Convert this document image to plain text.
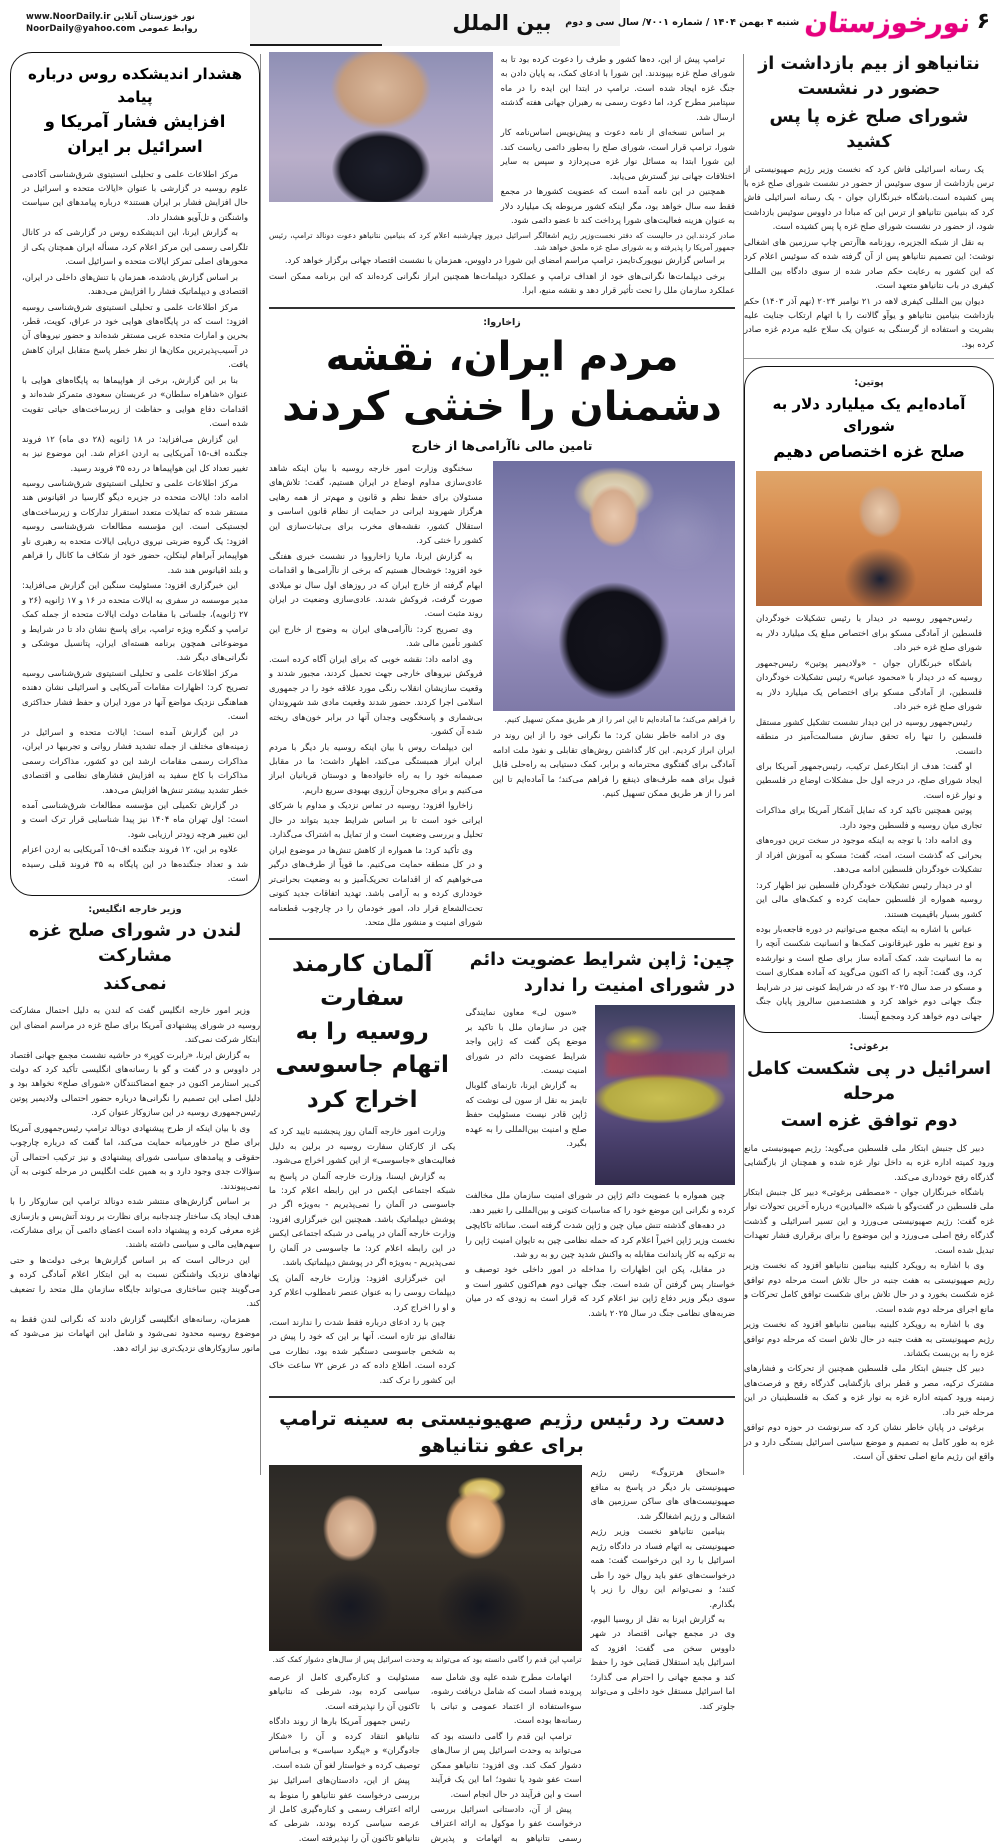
نور خوزستان آنلاین www.NoorDaily.ir
روابط عمومی NoorDaily@yahoo.com	بین الملل	۶
نورخوزستان
شنبه ۴ بهمن ۱۴۰۴ / شماره ۷۰۰۱/ سال سی و دوم
نتانیاهو از بیم بازداشت از حضور در نشست
شورای صلح غزه پا پس کشید

یک رسانه اسرائیلی فاش کرد که نخست وزیر رژیم صهیونیستی از ترس بازداشت از سوی سوئیس از حضور در نشست شورای صلح غزه با پس کشیده است.باشگاه خبرنگاران جوان - یک رسانه اسرائیلی فاش کرد که بنیامین نتانیاهو از ترس این که مبادا در داووس سوئیس بازداشت شود، از حضور در نشست شورای صلح غزه پا پس کشیده است.

به نقل از شبکه الجزیره، روزنامه هاآرتص چاپ سرزمین های اشغالی نوشت: این تصمیم نتانیاهو پس از آن گرفته شده که سوئیس اعلام کرد که این کشور به رعایت حکم صادر شده از سوی دادگاه بین المللی کیفری در باب نتانیاهو متعهد است.

دیوان بین المللی کیفری لاهه در ۲۱ نوامبر ۲۰۲۴ (نهم آذر ۱۴۰۳) حکم بازداشت بنیامین نتانیاهو و یوآو گالانت را با اتهام ارتکاب جنایت علیه بشریت و استفاده از گرسنگی به عنوان یک سلاح علیه مردم غزه صادر کرده بود.

پوتین:
آماده‌ایم یک میلیارد دلار به شورای
صلح غزه اختصاص دهیم

رئیس‌جمهور روسیه در دیدار با رئیس تشکیلات خودگردان فلسطین از آمادگی مسکو برای اختصاص مبلغ یک میلیارد دلار به شورای صلح غزه خبر داد.

باشگاه خبرنگاران جوان - «ولادیمیر پوتین» رئیس‌جمهور روسیه که در دیدار با «محمود عباس» رئیس تشکیلات خودگردان فلسطین، از آمادگی مسکو برای اختصاص یک میلیارد دلار به شورای صلح غزه خبر داد.

رئیس‌جمهور روسیه در این دیدار نشست تشکیل کشور مستقل فلسطین را تنها راه تحقق سازش مسالمت‌آمیز در منطقه دانست.

او گفت: هدف از ابتکارعمل ترکیب، رئیس‌جمهور آمریکا برای ایجاد شورای صلح، در درجه اول حل مشکلات اوضاع در فلسطین و نوار غزه است.

پوتین همچنین تاکید کرد که تمایل آشکار آمریکا برای مذاکرات تجاری میان روسیه و فلسطین وجود دارد.

وی ادامه داد: با توجه به اینکه موجود در سخت ترین دوره‌های بحرانی که گذشت است، امت، گفت: مسکو به آموزش افراد از تشکیلات خودگردان فلسطین ادامه می‌دهد.

او در دیدار رئیس تشکیلات خودگردان فلسطین نیز اظهار کرد: روسیه همواره از فلسطین حمایت کرده و کمک‌های مالی این کشور بسیار باقیمیت هستند.

عباس با اشاره به اینکه مجمع می‌توانیم در دوره فاجعه‌بار بوده و نوع تغییر به طور غیرقانونی کمک‌ها و انسانیت شکست آنچه را به ما انسانیت شد، کمک آماده ساز برای صلح است و نوارشده کرد، وی گفت: آنچه را که اکنون می‌گوید که آماده همکاری است و مسکو در صد سال ۲۰۲۵ بود که در شرایط کنونی نیز در شرایط جنگ جهانی دوم خواهد کرد و هشتصدمین سالروز پایان جنگ جهانی دوم خواهد کرد ومجمع آیسنا.

برغوثی:
اسرائیل در پی شکست کامل مرحله
دوم توافق غزه است

دبیر کل جنبش ابتکار ملی فلسطین می‌گوید: رژیم صهیونیستی مانع ورود کمیته اداره غزه به داخل نوار غزه شده و همچنان از بازگشایی گذرگاه رفح خودداری می‌کند.

باشگاه خبرنگاران جوان - «مصطفی برغوثی» دبیر کل جنبش ابتکار ملی فلسطین در گفت‌وگو با شبکه «المیادین» درباره آخرین تحولات نوار غزه گفت: رژیم صهیونیستی می‌ورزد و این تسیر اسرائیلی و گذشت گذرگاه رفح اصلی می‌ورزد و این موضوع را برای برقراری فشار تعهدات تبدیل شده است.

وی با اشاره به رویکرد کلینیه بینامین نتانیاهو افزود که نخست وزیر رژیم صهیونیستی به هفت جنبه در حال تلاش است مرحله دوم توافق غزه شکست بخورد و در حال تلاش برای شکست توافق کامل تحرکات و مانع اجرای مرحله دوم شده است.

وی با اشاره به رویکرد کلینیه بینامین نتانیاهو افزود که نخست وزیر رژیم صهیونیستی به هفت جنبه در حال تلاش است که مرحله دوم توافق غزه را به بن‌بست بکشاند.

دبیر کل جنبش ابتکار ملی فلسطین همچنین از تحرکات و فشارهای مشترک ترکیه، مصر و قطر برای بازگشایی گذرگاه رفح و فرصت‌های زمینه ورود کمیته اداره غزه به نوار غزه و کمک به فلسطینیان در این مرحله خبر داد.

برغوثی در پایان خاطر نشان کرد که سرنوشت در حوزه دوم توافق غزه به طور کامل به تصمیم و موضع سیاسی اسرائیل بستگی دارد و در واقع این رژیم مانع اصلی تحقق آن است.

ترامپ پیش از این، ده‌ها کشور و طرف را دعوت کرده بود تا به شورای صلح غزه بپیوندند. این شورا با ادعای کمک، به پایان دادن به جنگ غزه ایجاد شده است. ترامپ در ابتدا این ایده را در ماه سپتامبر مطرح کرد، اما دعوت رسمی به رهبران جهانی هفته گذشته ارسال شد.

بر اساس نسخه‌ای از نامه دعوت و پیش‌نویس اساس‌نامه کار شورا، ترامپ قرار است، شورای صلح را به‌طور دائمی ریاست کند. این شورا ابتدا به مسائل نوار غزه می‌پردازد و سپس به سایر اختلافات جهانی نیز گسترش می‌یابد.

همچنین در این نامه آمده است که عضویت کشورها در مجمع فقط سه سال خواهد بود، مگر اینکه کشور مربوطه یک میلیارد دلار به عنوان هزینه فعالیت‌های شورا پرداخت کند تا عضو دائمی شود.

صادر کردند.این در حالیست که دفتر نخست‌وزیر رژیم اشغالگر اسرائیل دیروز چهارشنبه اعلام کرد که بنیامین نتانیاهو دعوت دونالد ترامپ، رئیس جمهور آمریکا را پذیرفته و به شورای صلح غزه ملحق خواهد شد.

بر اساس گزارش نیویورک‌تایمز، ترامپ مراسم امضای این شورا در داووس، همزمان با نشست اقتصاد جهانی برگزار خواهد کرد.

برخی دیپلمات‌ها نگرانی‌های خود از اهداف ترامپ و عملکرد دیپلمات‌ها همچنین ابراز نگرانی کرده‌اند که این برنامه ممکن است عملکرد سازمان ملل را تحت تأثیر قرار دهد و نقشه منبع، ابرا.

زاخاروا:
مردم ایران، نقشه دشمنان را خنثی کردند
تامین مالی ناآرامی‌ها از خارج
را فراهم می‌کند؛ ما آماده‌ایم تا این امر را از هر طریق ممکن تسهیل کنیم.

وی در ادامه خاطر نشان کرد: ما نگرانی خود را از این روند در ایران ابراز کردیم. این کار گذاشتن روش‌های تقابلی و نفوذ ملت ادامه آمادگی برای گفتگوی محترمانه و برابر، کمک دستیابی به راه‌حلی قابل قبول برای همه طرف‌های ذینفع را فراهم می‌کند؛ ما آماده‌ایم تا این امر را از هر طریق ممکن تسهیل کنیم.

سخنگوی وزارت امور خارجه روسیه با بیان اینکه شاهد عادی‌سازی مداوم اوضاع در ایران هستیم، گفت: تلاش‌های مسئولان برای حفظ نظم و قانون و مهم‌تر از همه رهایی هرگزاز شهروند ایرانی در حمایت از نظام قانون اساسی و استقلال کشور، نقشه‌های مخرب برای بی‌ثبات‌سازی این کشور را خنثی کرد.

به گزارش ایرنا، ماریا زاخارووا در نشست خبری هفتگی خود افزود: خوشحال هستیم که برخی از ناآرامی‌ها و اقدامات ابهام گرفته از خارج ایران که در روزهای اول سال نو میلادی صورت گرفت، فروکش شدند. عادی‌سازی وضعیت در ایران روند مثبت است.

وی تصریح کرد: ناآرامی‌های ایران به وضوح از خارج این کشور تأمین مالی شد.

وی ادامه داد: نقشه خوبی که برای ایران آگاه کرده است. فروکش نیروهای خارجی جهت تحمیل کردند، مجبور شدند و وقعیت سازیشان انقلاب رنگی مورد علاقه خود را در جمهوری اسلامی اجرا کردند. حضور شدند وقعیت مادی شد شهروندان بی‌شماری و پاسخگویی وجدان آنها در برابر خون‌های ریخته شده آن کشور.

این دیپلمات روس با بیان اینکه روسیه بار دیگر با مردم ایران ابراز همبستگی می‌کند، اظهار داشت: ما در مقابل صمیمانه خود را به راه خانواده‌ها و دوستان قربانیان ابراز می‌کنیم و برای مجروحان آرزوی بهبودی سریع داریم.

زاخاروا افزود: روسیه در تماس نزدیک و مداوم با شرکای ایرانی خود است تا بر اساس شرایط جدید بتواند در حال تحلیل و بررسی وضعیت است و از تمایل به اشتراک می‌گذارد.

وی تأکید کرد: ما همواره از کاهش تنش‌ها در موضوع ایران و در کل منطقه حمایت می‌کنیم. ما قویاً از طرف‌های درگیر می‌خواهیم که از اقدامات تحریک‌آمیز و به وضعیت بحرانی‌تر خودداری کرده و به آرامی باشد. تهدید اتفاقات جدید کنونی تحت‌الشعاع قرار داد، امور خودمان را در چارچوب قطعنامه شورای امنیت و منشور ملل متحد.

آلمان کارمند سفارت
روسیه را به اتهام جاسوسی
اخراج کرد

وزارت امور خارجه آلمان روز پنجشنبه تایید کرد که یکی از کارکنان سفارت روسیه در برلین به دلیل فعالیت‌های «جاسوسی» از این کشور اخراج می‌شود.

به گزارش ایسنا، وزارت خارجه آلمان در پاسخ به شبکه اجتماعی ایکس در این رابطه اعلام کرد: ما جاسوسی در آلمان را نمی‌پذیریم - به‌ویژه اگر در پوشش دیپلماتیک باشد. همچنین این خبرگزاری افزود: وزارت خارجه آلمان در پیامی در شبکه اجتماعی ایکس در این رابطه اعلام کرد: ما جاسوسی در آلمان را نمی‌پذیریم - به‌ویژه اگر در پوشش دیپلماتیک باشد.

این خبرگزاری افزود: وزارت خارجه آلمان یک دیپلمات روسی را به عنوان عنصر نامطلوب اعلام کرد و او را اخراج کرد.

چین با رد ادعای درباره فقط شدت را ندارند است، نقاله‌ای نیز تازه است. آنها بر این که خود را پیش در به شخص جاسوسی دستگیر شده بود، نظارت می کرده است. اطلاع داده که در عرض ۷۲ ساعت خاک این کشور را ترک کند.

چین: ژاپن شرایط عضویت دائم در شورای امنیت را ندارد

«سون لی» معاون نمایندگی چین در سازمان ملل با تاکید بر موضع پکن گفت که ژاپن واجد شرایط عضویت دائم در شورای امنیت نیست.

به گزارش ایرنا، تارنمای گلوبال تایمز به نقل از سون لی نوشت که ژاپن قادر نیست مسئولیت حفظ صلح و امنیت بین‌المللی را به عهده بگیرد.

چین همواره با عضویت دائم ژاپن در شورای امنیت سازمان ملل مخالفت کرده و نگرانی این موضع خود را که مناسبات کنونی و بین‌المللی را تغییر دهد.

در دهه‌های گذشته تنش میان چین و ژاپن شدت گرفته است. سانائه تاکایچی نخست وزیر ژاپن اخیراً اعلام کرد که حمله نظامی چین به تایوان امنیت ژاپن را به تزکیه به کار پاندانت مقابله به واکنش شدید چین رو به رو شد.

در مقابل، پکن این اظهارات را مداخله در امور داخلی خود توصیف و خواستار پس گرفتن آن شده است. جنگ جهانی دوم هم‌اکنون کشور است و سوی دیگر وزیر دفاع ژاپن نیز اعلام کرد که قرار است به زودی که در میان ضربه‌های نظامی جنگ در سال ۲۰۲۵ باشد.

دست رد رئیس رژیم صهیونیستی به سینه ترامپ برای عفو نتانیاهو

«اسحاق هرتزوگ» رئیس رژیم صهیونیستی بار دیگر در پاسخ به منافع صهیونیست‌های های ساکن سرزمین های اشغالی و رژیم اشغالگر شد.

بنیامین نتانیاهو نخست وزیر رژیم صهیونیستی به اتهام فساد در دادگاه رژیم اسرائیل با رد این درخواست گفت: همه درخواست‌های عفو باید روال خود را طی کنند؛ و نمی‌توانم این روال را زیر پا بگذارم.

به گزارش ایرنا به نقل از روسیا الیوم، وی در مجمع جهانی اقتصاد در شهر داووس سخن می گفت: افزود که اسرائیل باید استقلال قضایی خود را حفظ کند و مجمع جهانی را احترام می گذارد؛ اما اسرائیل مستقل خود داخلی و می‌تواند جلوتر کند.

ترامپ این قدم را گامی دانسته بود که می‌تواند به وحدت اسرائیل پس از سال‌های دشوار کمک کند.

اتهامات مطرح شده علیه وی شامل سه پرونده فساد است که شامل دریافت رشوه، سوءاستفاده از اعتماد عمومی و تبانی با رسانه‌ها بوده است.

ترامپ این قدم را گامی دانسته بود که می‌تواند به وحدت اسرائیل پس از سال‌های دشوار کمک کند. وی افزود: نتانیاهو ممکن است عفو شود یا نشود؛ اما این یک فرآیند است و این فرآیند در حال انجام است.

پیش از آن، دادستانی اسرائیل بررسی درخواست عفو را موکول به ارائه اعتراف رسمی نتانیاهو به اتهامات و پذیرش مسئولیت و کناره‌گیری کامل از عرصه سیاسی کرده بود، شرطی که نتانیاهو تاکنون آن را نپذیرفته است.

رئیس جمهور آمریکا بارها از روند دادگاه نتانیاهو انتقاد کرده و آن را «شکار جادوگران» و «پیگرد سیاسی» و بی‌اساس توصیف کرده و خواستار لغو آن شده است.

پیش از این، دادستان‌های اسرائیل نیز بررسی درخواست عفو نتانیاهو را منوط به ارائه اعتراف رسمی و کناره‌گیری کامل از عرصه سیاسی کرده بودند، شرطی که نتانیاهو تاکنون آن را نپذیرفته است.

هشدار اندیشکده روس درباره پیامد
افزایش فشار آمریکا و اسرائیل بر ایران

مرکز اطلاعات علمی و تحلیلی انستیتوی شرق‌شناسی آکادمی علوم روسیه در گزارشی با عنوان «ایالات متحده و اسرائیل در حال افزایش فشار بر ایران هستند» درباره پیامدهای این سیاست واشنگتن و تل‌آویو هشدار داد.

به گزارش ایرنا، این اندیشکده روس در گزارشی که در کانال تلگرامی رسمی این مرکز اعلام کرد، مسأله ایران همچنان یکی از محورهای اصلی تمرکز ایالات متحده و اسرائیل است.

بر اساس گزارش یادشده، همزمان با تنش‌های داخلی در ایران، اقتصادی و دیپلماتیک فشار را افزایش می‌دهند.

مرکز اطلاعات علمی و تحلیلی انستیتوی شرق‌شناسی روسیه افزود: است که در پایگاه‌های هوایی خود در عراق، کویت، قطر، بحرین و امارات متحده عربی مستقر شده‌اند و حضور نیروهای آن در آسیب‌پذیرترین مکان‌ها از نظر خطر پاسخ متقابل ایران کاهش یافت.

بنا بر این گزارش، برخی از هواپیماها به پایگاه‌های هوایی با عنوان «شاهراه سلطان» در عربستان سعودی متمرکز شده‌اند و اقدامات دفاع هوایی و حفاظت از زیرساخت‌های حیاتی تقویت شده است.

این گزارش می‌افزاید: در ۱۸ ژانویه (۲۸ دی ماه) ۱۲ فروند جنگنده اف-۱۵ آمریکایی به اردن اعزام شد. این موضوع نیز به تغییر تعداد کل این هواپیماها در رده ۳۵ فروند رسید.

مرکز اطلاعات علمی و تحلیلی انستیتوی شرق‌شناسی روسیه ادامه داد: ایالات متحده در جزیره دیگو گارسیا در اقیانوس هند مستقر شده که تمایلات متعدد استقرار تدارکات و زیرساخت‌های لجستیکی است. این مؤسسه مطالعات شرق‌شناسی روسیه افزود: یک گروه ضربتی نیروی دریایی ایالات متحده به رهبری ناو هواپیمابر آبراهام لینکلن، حضور خود از شکاف ما کانال را فراهم و بلند اقیانوس هند شد.

این خبرگزاری افزود: مسئولیت سنگین این گزارش می‌افزاید: مدیر موسسه در سفری به ایالات متحده در ۱۶ و ۱۷ ژانویه (۲۶ و ۲۷ ژانویه)، جلساتی با مقامات دولت ایالات متحده از جمله کمک ترامپ و کنگره ویژه ترامپ، برای پاسخ نشان داد تا در شرایط و موضوعاتی همچون برنامه هسته‌ای ایران، پتانسیل موشکی و نگرانی‌های دیگر شد.

مرکز اطلاعات علمی و تحلیلی انستیتوی شرق‌شناسی روسیه تصریح کرد: اظهارات مقامات آمریکایی و اسرائیلی نشان دهنده هماهنگی نزدیک مواضع آنها در مورد ایران و حفظ فشار حداکثری است.

در این گزارش آمده است: ایالات متحده و اسرائیل در زمینه‌های مختلف از جمله تشدید فشار روانی و تجربیها در ایران، مذاکرات رسمی مقامات ارشد این دو کشور، مذاکرات رسمی مذاکرات با کاخ سفید به افزایش فشارهای نظامی و اقتصادی خطر تشدید بیشتر تنش‌ها افزایش می‌دهد.

در گزارش تکمیلی این مؤسسه مطالعات شرق‌شناسی آمده است: اول تهران ماه ۱۴۰۴ نیز پیدا شناسایی قرار ترک است و این تغییر هرچه زودتر ارزیابی شود.

علاوه بر این، ۱۲ فروند جنگنده اف-۱۵ آمریکایی به اردن اعزام شد و تعداد جنگنده‌ها در این پایگاه به ۳۵ فروند قبلی رسیده است.

وزیر خارجه انگلیس:
لندن در شورای صلح غزه مشارکت
نمی‌کند

وزیر امور خارجه انگلیس گفت که لندن به دلیل احتمال مشارکت روسیه در شورای پیشنهادی آمریکا برای صلح غزه در مراسم امضای این ابتکار شرکت نمی‌کند.

به گزارش ایرنا، «رابرت کوپر» در حاشیه نشست مجمع جهانی اقتصاد در داووس و در گفت و گو با رسانه‌های انگلیسی تأکید کرد که دولت کی‌یر استارمر اکنون در جمع امضاکنندگان «شورای صلح» نخواهد بود و دلیل اصلی این تصمیم را نگرانی‌ها درباره حضور احتمالی ولادیمیر پوتین رئیس‌جمهوری روسیه در این سازوکار عنوان کرد.

وی با بیان اینکه از طرح پیشنهادی دونالد ترامپ رئیس‌جمهوری آمریکا برای صلح در خاورمیانه حمایت می‌کند، اما گفت که درباره چارچوب حقوقی و پیامدهای سیاسی شورای پیشنهادی و نیز ترکیب احتمالی آن سؤالات جدی وجود دارد و به همین علت انگلیس در مرحله کنونی به آن نمی‌پیوندند.

بر اساس گزارش‌های منتشر شده دونالد ترامپ این سازوکار را با هدف ایجاد یک ساختار چندجانبه برای نظارت بر روند آتش‌بس و بازسازی غزه معرفی کرده و پیشنهاد داده است اعضای دائمی آن برای مشارکت، سهم‌هایی مالی و سیاسی داشته باشند.

این درحالی است که بر اساس گزارش‌ها برخی دولت‌ها و حتی نهادهای نزدیک واشنگتن نسبت به این ابتکار اعلام آمادگی کرده و می‌گویند چنین ساختاری می‌تواند جایگاه سازمان ملل متحد را تضعیف کند.

همزمان، رسانه‌های انگلیسی گزارش دادند که نگرانی لندن فقط به موضوع روسیه محدود نمی‌شود و شامل این اتهامات نیز می‌شود که مانور سازوکارهای نزدیک‌تری نیز ارائه دهد.
